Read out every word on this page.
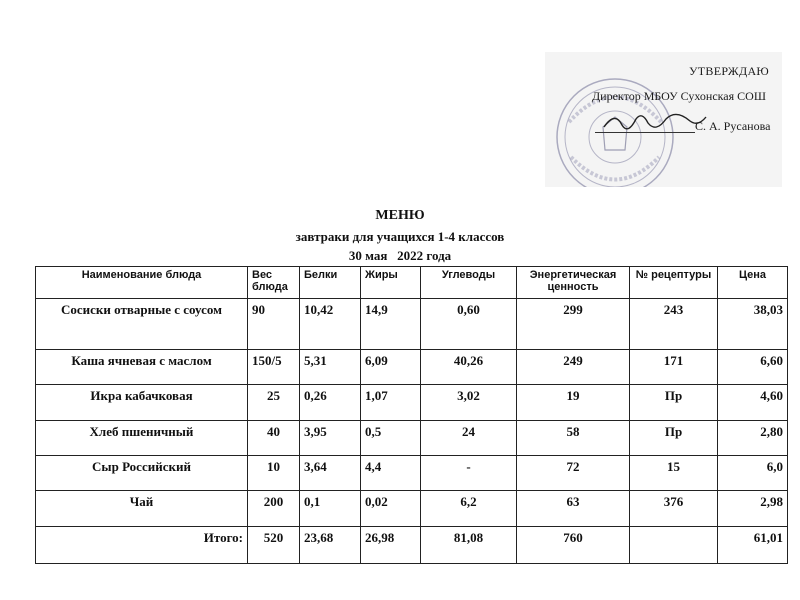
УТВЕРЖДАЮ
Директор МБОУ Сухонская СОШ
С. А. Русанова
МЕНЮ
завтраки для учащихся 1-4 классов
30 мая   2022 года
Наименование блюда	Вес блюда	Белки	Жиры	Углеводы	Энергетическая ценность	№ рецептуры	Цена
Сосиски отварные с соусом	90	10,42	14,9	0,60	299	243	38,03
Каша ячневая с маслом	150/5	5,31	6,09	40,26	249	171	6,60
Икра кабачковая	25	0,26	1,07	3,02	19	Пр	4,60
Хлеб пшеничный	40	3,95	0,5	24	58	Пр	2,80
Сыр Российский	10	3,64	4,4	-	72	15	6,0
Чай	200	0,1	0,02	6,2	63	376	2,98
Итого:	520	23,68	26,98	81,08	760		61,01
